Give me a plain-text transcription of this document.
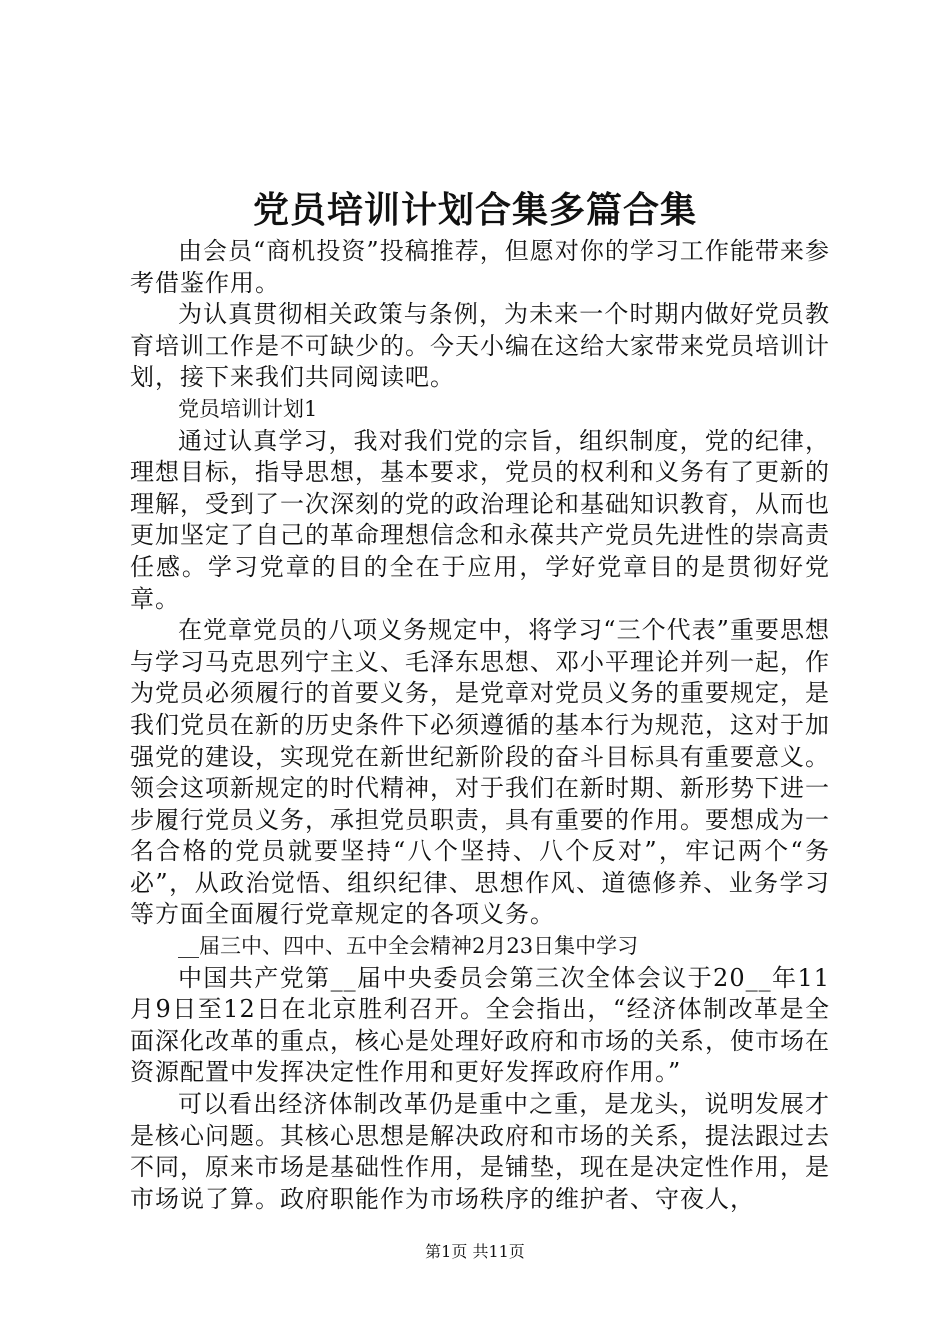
党员培训计划合集多篇合集

由会员“商机投资”投稿推荐，但愿对你的学习工作能带来参考借鉴作用。

为认真贯彻相关政策与条例，为未来一个时期内做好党员教育培训工作是不可缺少的。今天小编在这给大家带来党员培训计划，接下来我们共同阅读吧。

党员培训计划1

通过认真学习，我对我们党的宗旨，组织制度，党的纪律，理想目标，指导思想，基本要求，党员的权利和义务有了更新的理解，受到了一次深刻的党的政治理论和基础知识教育，从而也更加坚定了自己的革命理想信念和永葆共产党员先进性的崇高责任感。学习党章的目的全在于应用，学好党章目的是贯彻好党章。

在党章党员的八项义务规定中，将学习“三个代表”重要思想与学习马克思列宁主义、毛泽东思想、邓小平理论并列一起，作为党员必须履行的首要义务，是党章对党员义务的重要规定，是我们党员在新的历史条件下必须遵循的基本行为规范，这对于加强党的建设，实现党在新世纪新阶段的奋斗目标具有重要意义。领会这项新规定的时代精神，对于我们在新时期、新形势下进一步履行党员义务，承担党员职责，具有重要的作用。要想成为一名合格的党员就要坚持“八个坚持、八个反对”，牢记两个“务必”，从政治觉悟、组织纪律、思想作风、道德修养、业务学习等方面全面履行党章规定的各项义务。

__届三中、四中、五中全会精神2月23日集中学习

中国共产党第__届中央委员会第三次全体会议于20__年11月9日至12日在北京胜利召开。全会指出，“经济体制改革是全面深化改革的重点，核心是处理好政府和市场的关系，使市场在资源配置中发挥决定性作用和更好发挥政府作用。”

可以看出经济体制改革仍是重中之重，是龙头，说明发展才是核心问题。其核心思想是解决政府和市场的关系，提法跟过去不同，原来市场是基础性作用，是铺垫，现在是决定性作用，是市场说了算。政府职能作为市场秩序的维护者、守夜人，

第1页 共11页
